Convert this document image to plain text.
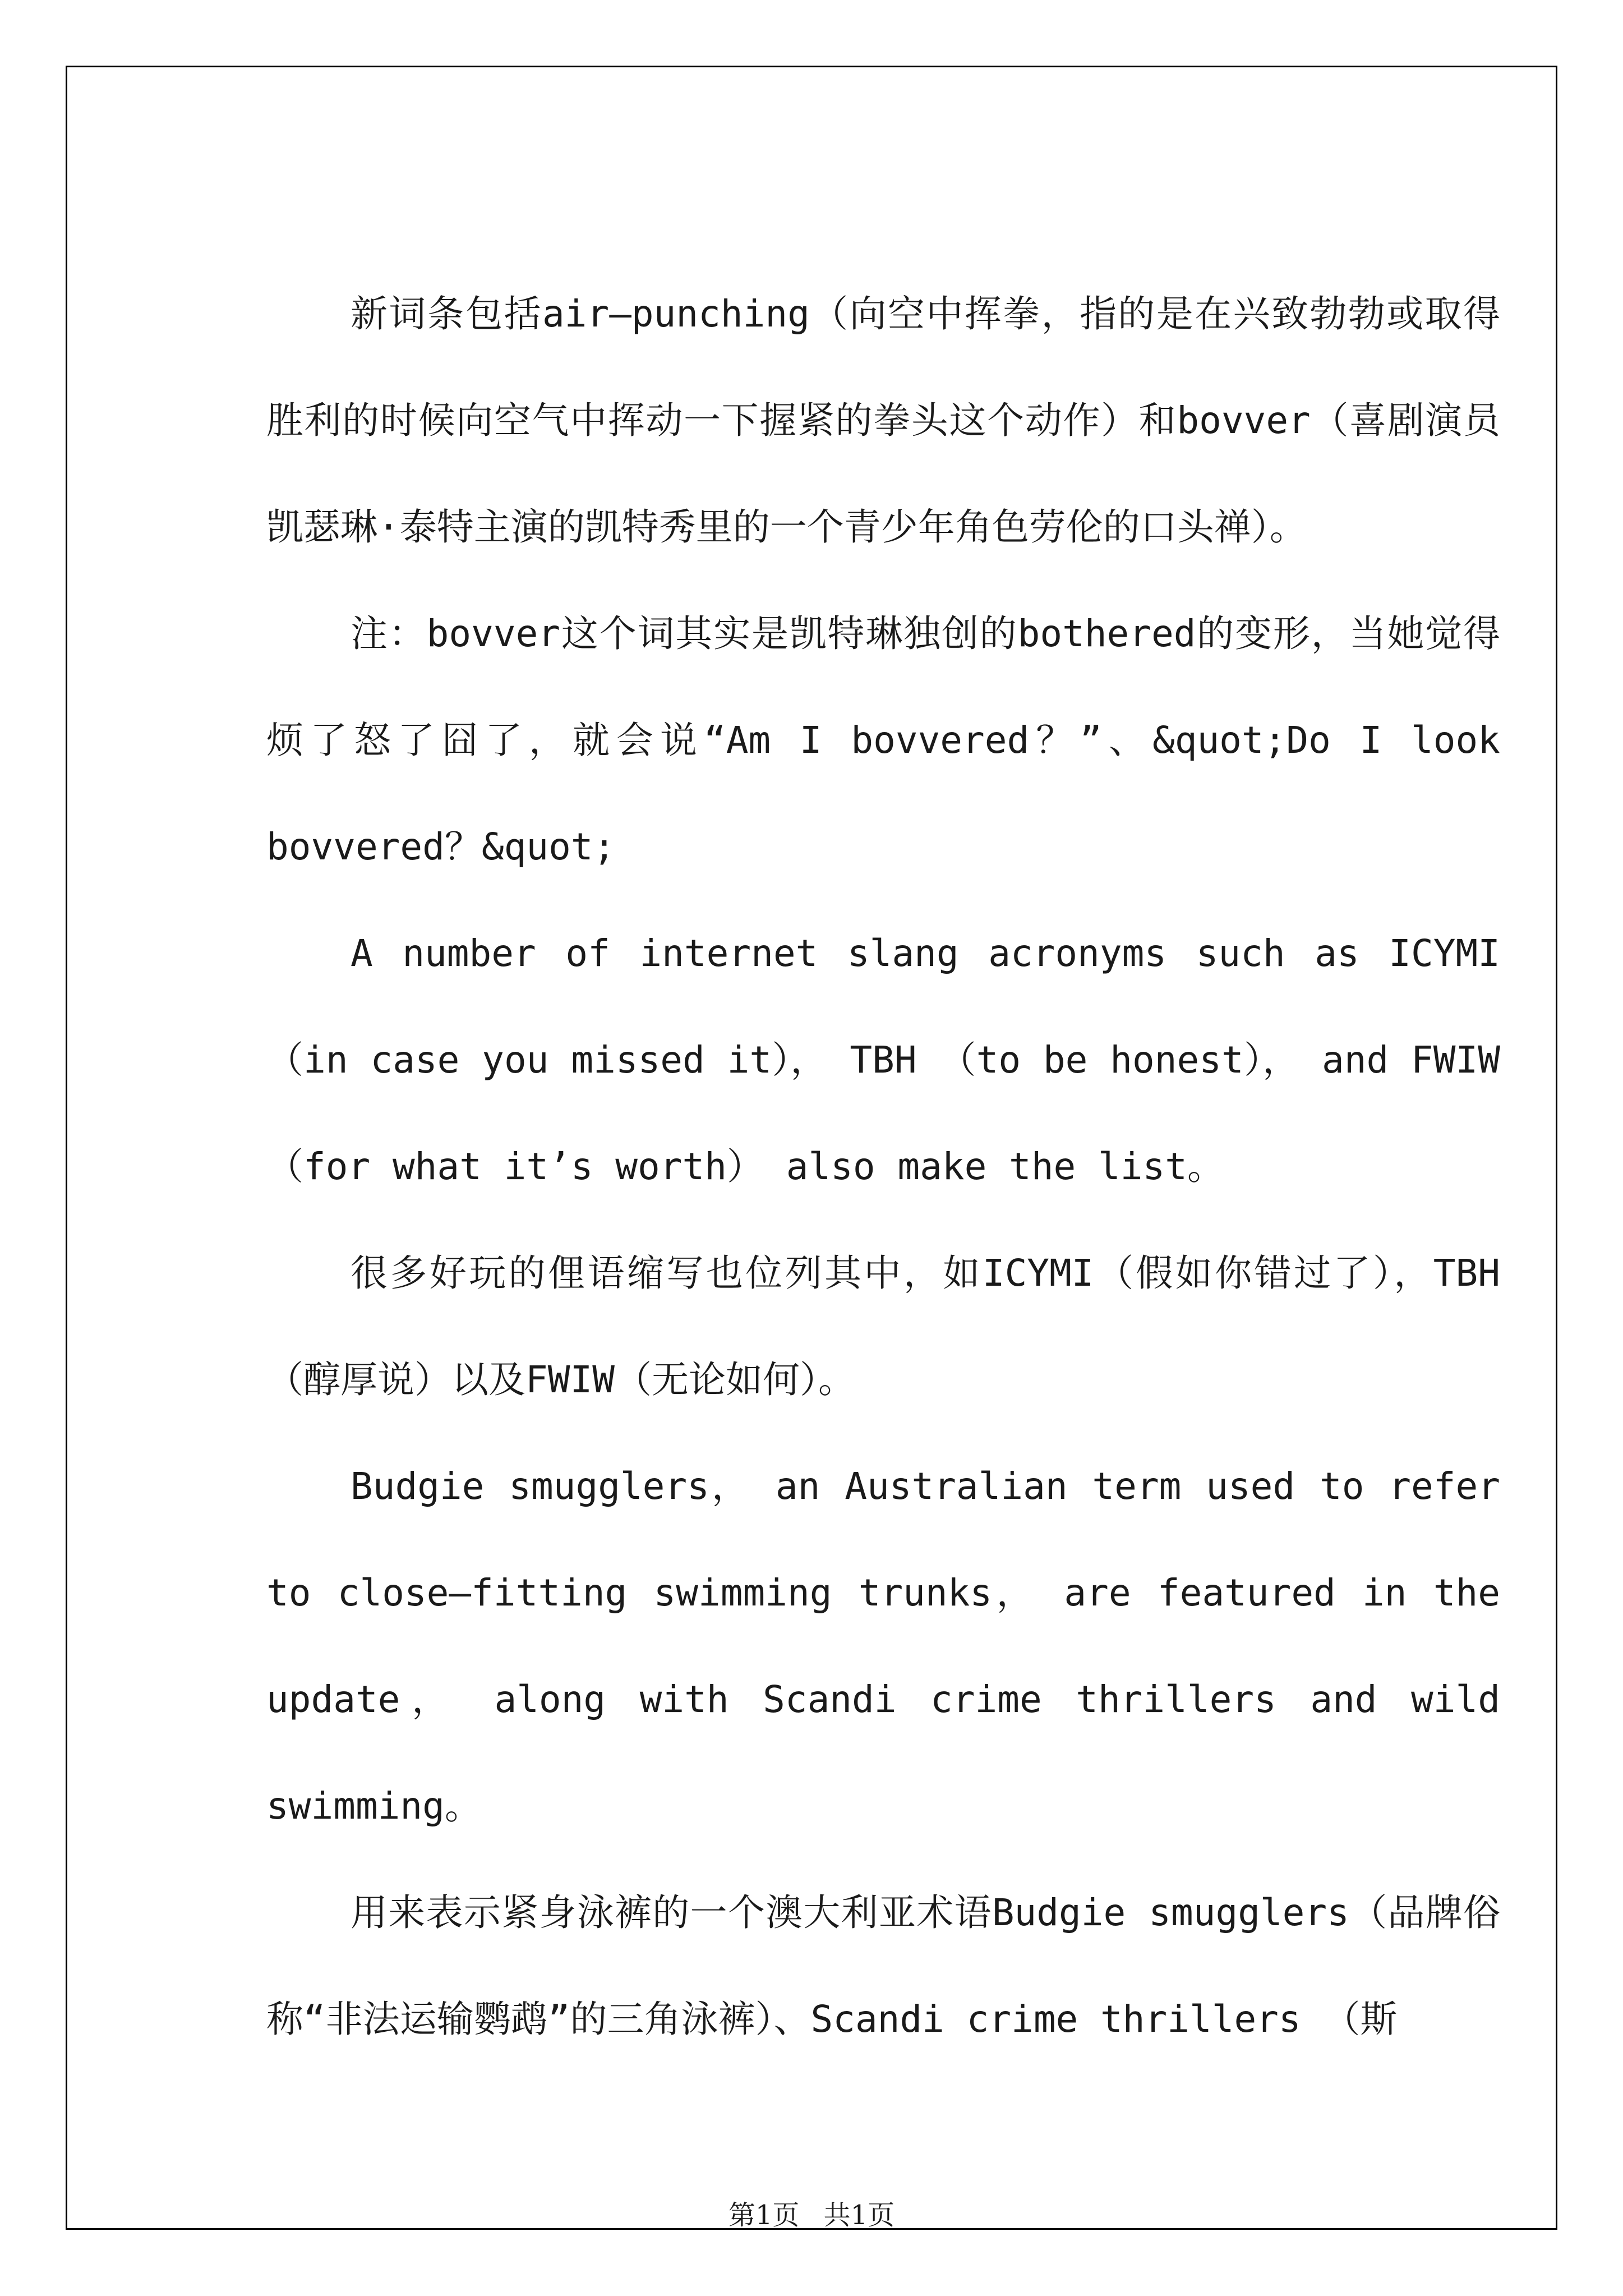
新词条包括air—punching（向空中挥拳，指的是在兴致勃勃或取得胜利的时候向空气中挥动一下握紧的拳头这个动作）和bovver（喜剧演员凯瑟琳·泰特主演的凯特秀里的一个青少年角色劳伦的口头禅）。

注：bovver这个词其实是凯特琳独创的bothered的变形，当她觉得烦了怒了囧了，就会说“Am I bovvered？”、&quot;Do I look bovvered？&quot;

A number of internet slang acronyms such as ICYMI （in case you missed it）， TBH （to be honest）， and FWIW （for what it’s worth） also make the list。

很多好玩的俚语缩写也位列其中，如ICYMI（假如你错过了），TBH（醇厚说）以及FWIW（无论如何）。

Budgie smugglers， an Australian term used to refer to close—fitting swimming trunks， are featured in the update， along with Scandi crime thrillers and wild swimming。

用来表示紧身泳裤的一个澳大利亚术语Budgie smugglers（品牌俗称“非法运输鹦鹉”的三角泳裤）、Scandi crime thrillers （斯

第1页 共1页
